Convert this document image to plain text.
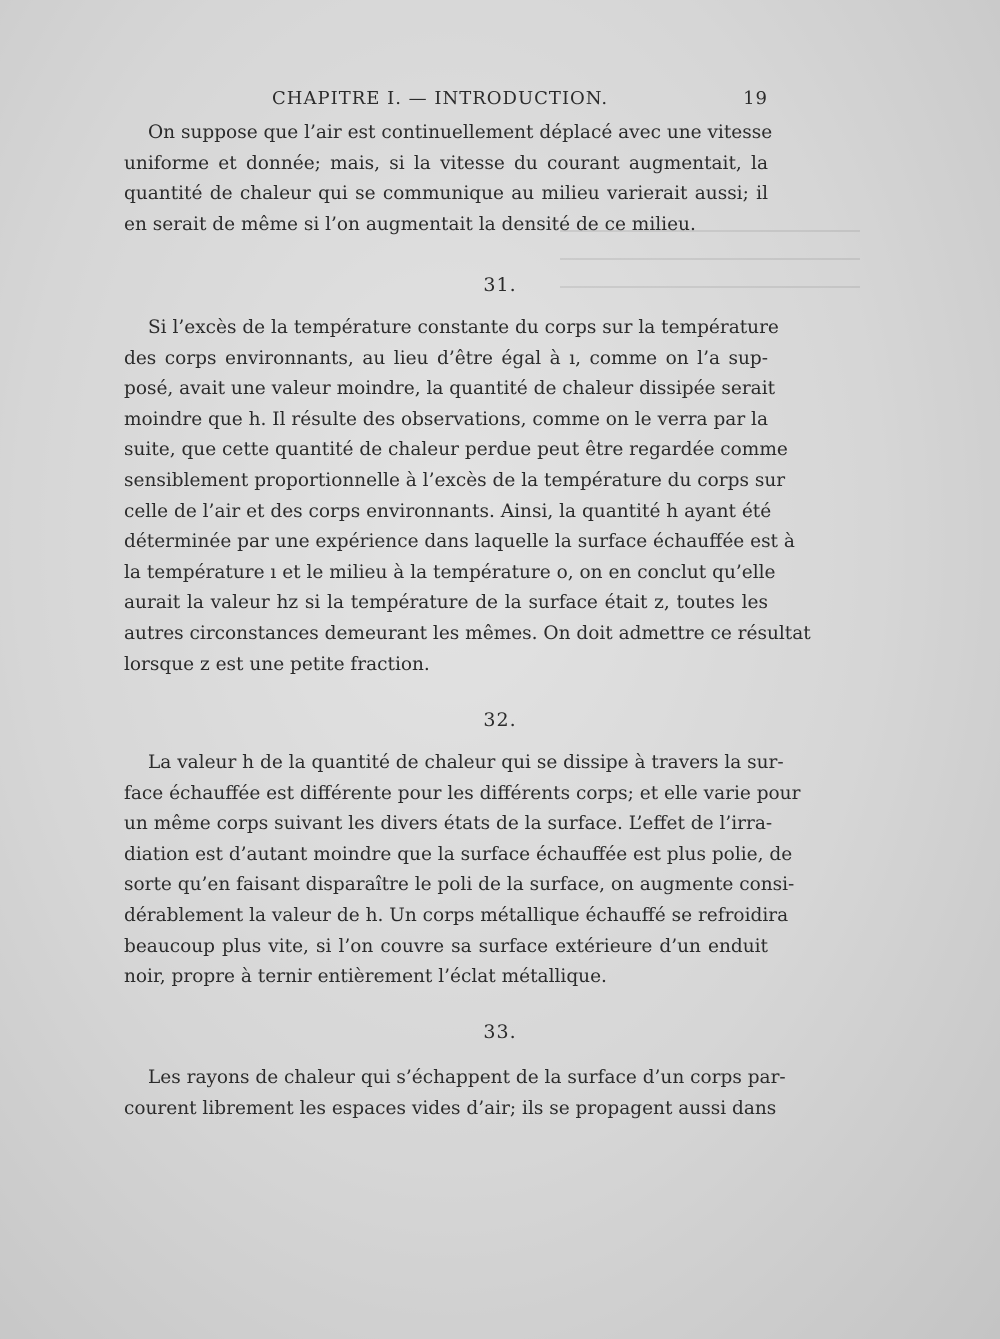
CHAPITRE I. — INTRODUCTION.	19
On suppose que l’air est continuellement déplacé avec une vitesse
uniforme et donnée; mais, si la vitesse du courant augmentait, la
quantité de chaleur qui se communique au milieu varierait aussi; il
en serait de même si l’on augmentait la densité de ce milieu.
31.
Si l’excès de la température constante du corps sur la température
des corps environnants, au lieu d’être égal à ı, comme on l’a sup-
posé, avait une valeur moindre, la quantité de chaleur dissipée serait
moindre que h. Il résulte des observations, comme on le verra par la
suite, que cette quantité de chaleur perdue peut être regardée comme
sensiblement proportionnelle à l’excès de la température du corps sur
celle de l’air et des corps environnants. Ainsi, la quantité h ayant été
déterminée par une expérience dans laquelle la surface échauffée est à
la température ı et le milieu à la température o, on en conclut qu’elle
aurait la valeur hz si la température de la surface était z, toutes les
autres circonstances demeurant les mêmes. On doit admettre ce résultat
lorsque z est une petite fraction.
32.
La valeur h de la quantité de chaleur qui se dissipe à travers la sur-
face échauffée est différente pour les différents corps; et elle varie pour
un même corps suivant les divers états de la surface. L’effet de l’irra-
diation est d’autant moindre que la surface échauffée est plus polie, de
sorte qu’en faisant disparaître le poli de la surface, on augmente consi-
dérablement la valeur de h. Un corps métallique échauffé se refroidira
beaucoup plus vite, si l’on couvre sa surface extérieure d’un enduit
noir, propre à ternir entièrement l’éclat métallique.
33.
Les rayons de chaleur qui s’échappent de la surface d’un corps par-
courent librement les espaces vides d’air; ils se propagent aussi dans
